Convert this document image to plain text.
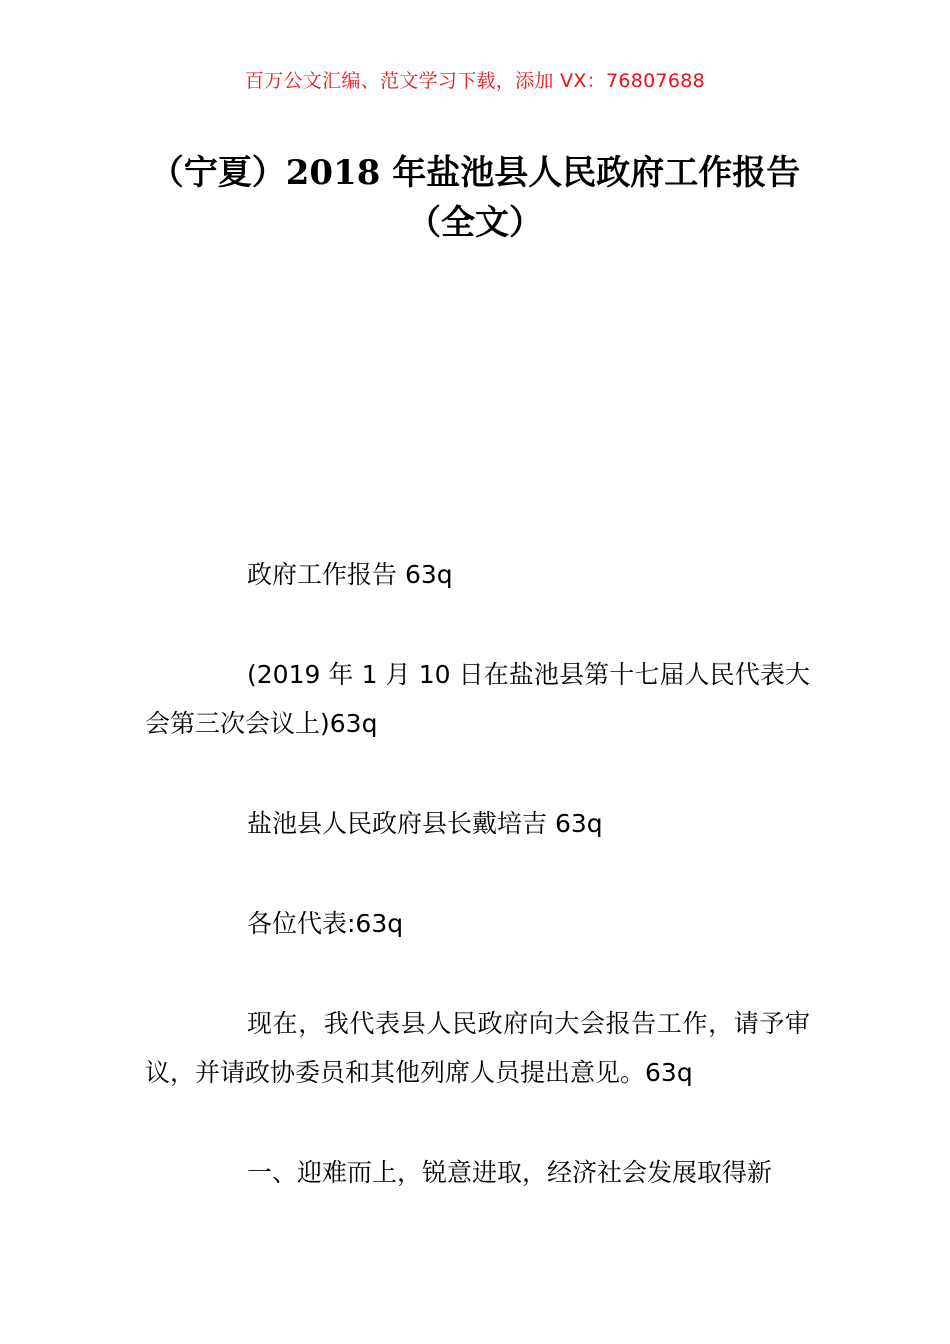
百万公文汇编、范文学习下载，添加 VX：76807688
（宁夏）2018 年盐池县人民政府工作报告（全文）

政府工作报告 63q

(2019 年 1 月 10 日在盐池县第十七届人民代表大会第三次会议上)63q

盐池县人民政府县长戴培吉 63q

各位代表:63q

现在，我代表县人民政府向大会报告工作，请予审议，并请政协委员和其他列席人员提出意见。63q

一、迎难而上，锐意进取，经济社会发展取得新
